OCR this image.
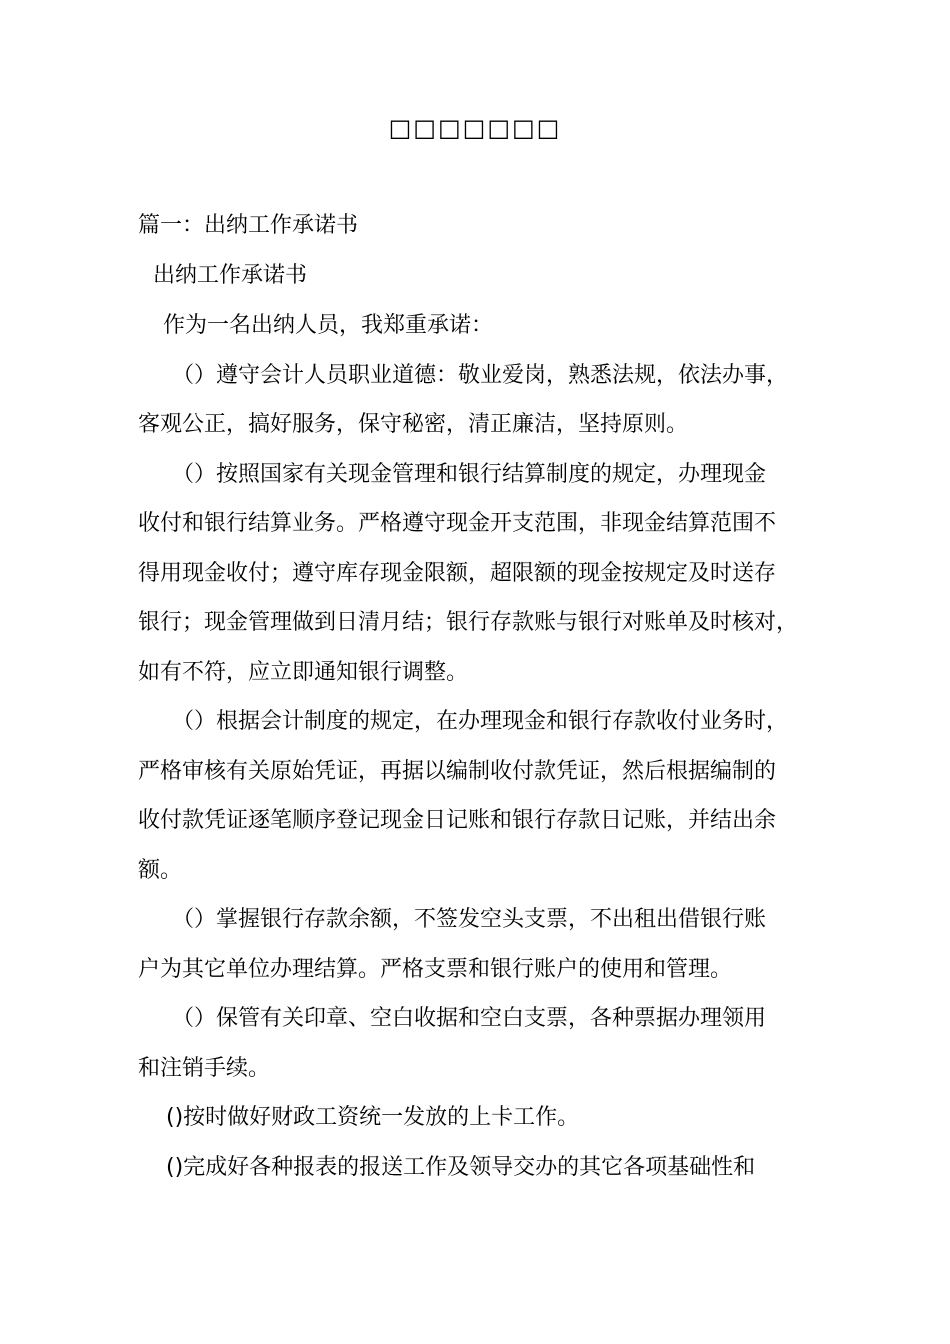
□□□□□□□
篇一：出纳工作承诺书
出纳工作承诺书
作为一名出纳人员，我郑重承诺：
（）遵守会计人员职业道德：敬业爱岗，熟悉法规，依法办事，
客观公正，搞好服务，保守秘密，清正廉洁，坚持原则。
（）按照国家有关现金管理和银行结算制度的规定，办理现金
收付和银行结算业务。严格遵守现金开支范围，非现金结算范围不
得用现金收付；遵守库存现金限额，超限额的现金按规定及时送存
银行；现金管理做到日清月结；银行存款账与银行对账单及时核对，
如有不符，应立即通知银行调整。
（）根据会计制度的规定，在办理现金和银行存款收付业务时，
严格审核有关原始凭证，再据以编制收付款凭证，然后根据编制的
收付款凭证逐笔顺序登记现金日记账和银行存款日记账，并结出余
额。
（）掌握银行存款余额，不签发空头支票，不出租出借银行账
户为其它单位办理结算。严格支票和银行账户的使用和管理。
（）保管有关印章、空白收据和空白支票，各种票据办理领用
和注销手续。
()按时做好财政工资统一发放的上卡工作。
()完成好各种报表的报送工作及领导交办的其它各项基础性和
